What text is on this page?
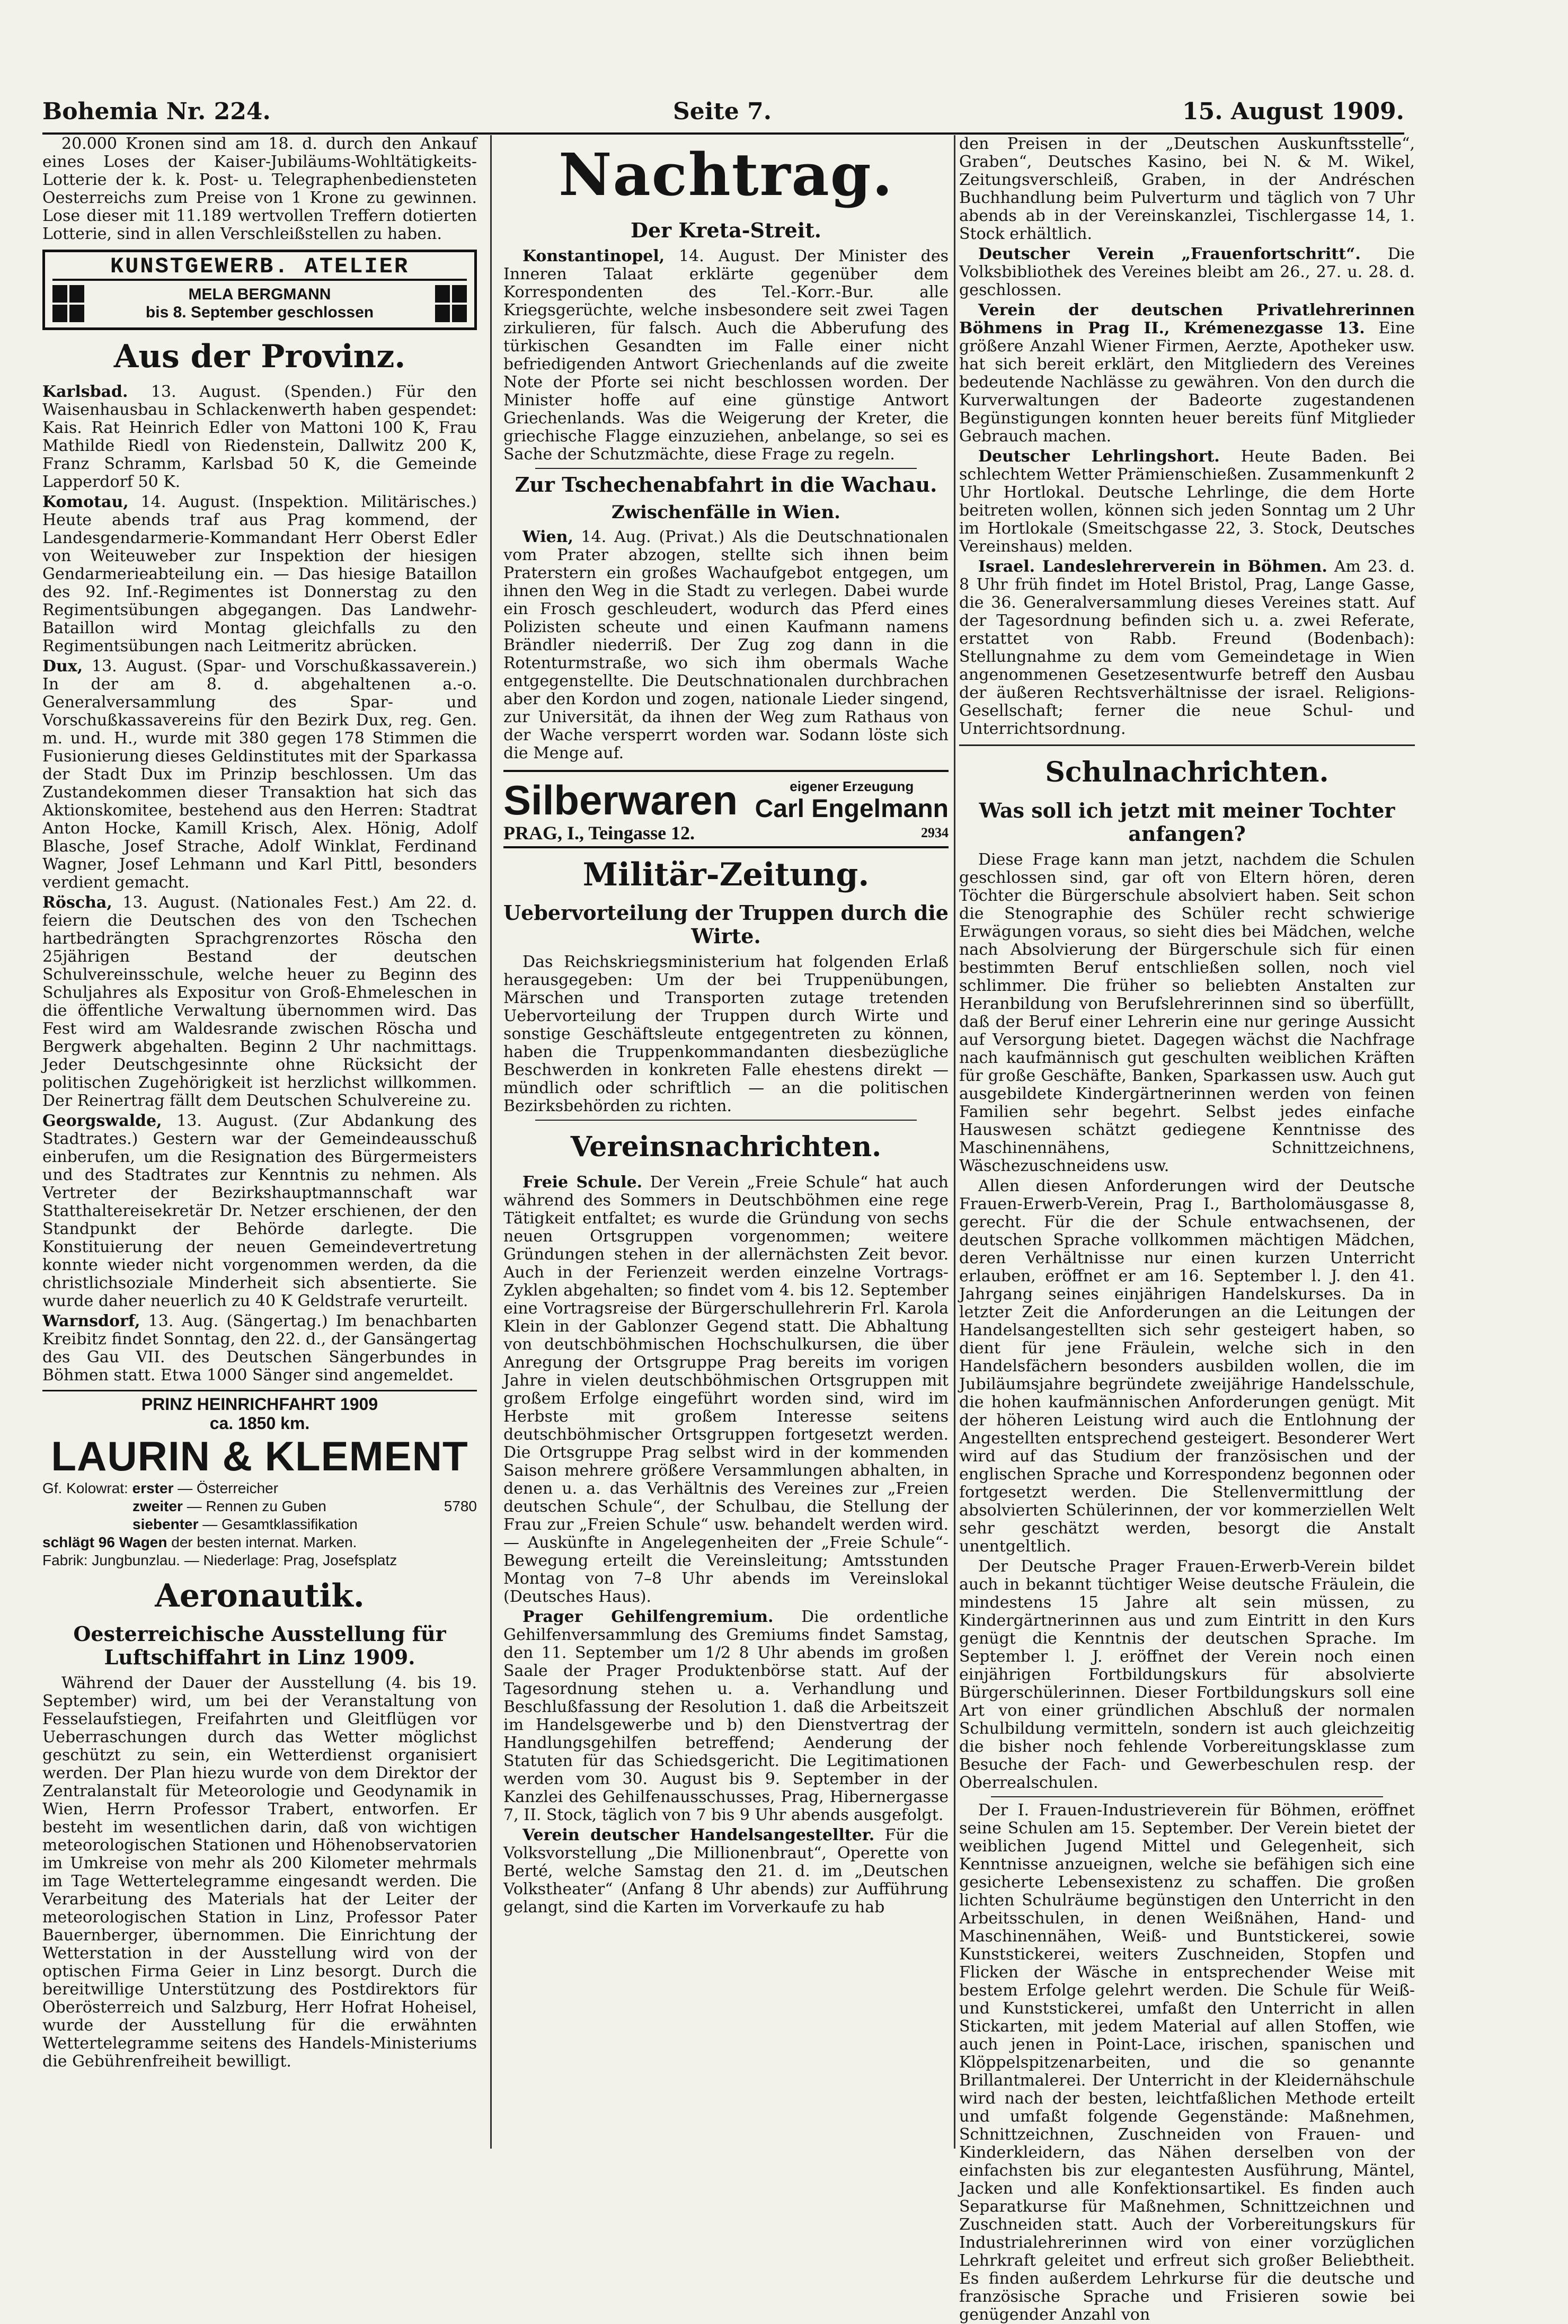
Bohemia Nr. 224.	Seite 7.	15. August 1909.

20.000 Kronen sind am 18. d. durch den Ankauf eines Loses der Kaiser-Jubiläums-Wohltätigkeits-Lotterie der k. k. Post- u. Telegraphenbediensteten Oesterreichs zum Preise von 1 Krone zu gewinnen. Lose dieser mit 11.189 wertvollen Treffern dotierten Lotterie, sind in allen Verschleißstellen zu haben.

KUNSTGEWERB. ATELIER
MELA BERGMANN
bis 8. September geschlossen
Aus der Provinz.

Karlsbad. 13. August. (Spenden.) Für den Waisenhausbau in Schlackenwerth haben gespendet: Kais. Rat Heinrich Edler von Mattoni 100 K, Frau Mathilde Riedl von Riedenstein, Dallwitz 200 K, Franz Schramm, Karlsbad 50 K, die Gemeinde Lapperdorf 50 K.

Komotau, 14. August. (Inspektion. Militärisches.) Heute abends traf aus Prag kommend, der Landesgendarmerie-Kommandant Herr Oberst Edler von Weiteuweber zur Inspektion der hiesigen Gendarmerieabteilung ein. — Das hiesige Bataillon des 92. Inf.-Regimentes ist Donnerstag zu den Regimentsübungen abgegangen. Das Landwehr-Bataillon wird Montag gleichfalls zu den Regimentsübungen nach Leitmeritz abrücken.

Dux, 13. August. (Spar- und Vorschußkassaverein.) In der am 8. d. abgehaltenen a.-o. Generalversammlung des Spar- und Vorschußkassavereins für den Bezirk Dux, reg. Gen. m. und. H., wurde mit 380 gegen 178 Stimmen die Fusionierung dieses Geldinstitutes mit der Sparkassa der Stadt Dux im Prinzip beschlossen. Um das Zustandekommen dieser Transaktion hat sich das Aktionskomitee, bestehend aus den Herren: Stadtrat Anton Hocke, Kamill Krisch, Alex. Hönig, Adolf Blasche, Josef Strache, Adolf Winklat, Ferdinand Wagner, Josef Lehmann und Karl Pittl, besonders verdient gemacht.

Röscha, 13. August. (Nationales Fest.) Am 22. d. feiern die Deutschen des von den Tschechen hartbedrängten Sprachgrenzortes Röscha den 25jährigen Bestand der deutschen Schulvereinsschule, welche heuer zu Beginn des Schuljahres als Expositur von Groß-Ehmeleschen in die öffentliche Verwaltung übernommen wird. Das Fest wird am Waldesrande zwischen Röscha und Bergwerk abgehalten. Beginn 2 Uhr nachmittags. Jeder Deutschgesinnte ohne Rücksicht der politischen Zugehörigkeit ist herzlichst willkommen. Der Reinertrag fällt dem Deutschen Schulvereine zu.

Georgswalde, 13. August. (Zur Abdankung des Stadtrates.) Gestern war der Gemeindeausschuß einberufen, um die Resignation des Bürgermeisters und des Stadtrates zur Kenntnis zu nehmen. Als Vertreter der Bezirkshauptmannschaft war Statthaltereisekretär Dr. Netzer erschienen, der den Standpunkt der Behörde darlegte. Die Konstituierung der neuen Gemeindevertretung konnte wieder nicht vorgenommen werden, da die christlichsoziale Minderheit sich absentierte. Sie wurde daher neuerlich zu 40 K Geldstrafe verurteilt.

Warnsdorf, 13. Aug. (Sängertag.) Im benachbarten Kreibitz findet Sonntag, den 22. d., der Gansängertag des Gau VII. des Deutschen Sängerbundes in Böhmen statt. Etwa 1000 Sänger sind angemeldet.

PRINZ HEINRICHFAHRT 1909
ca. 1850 km.
LAURIN & KLEMENT
Gf. Kolowrat: erster — Österreicher
zweiter — Rennen zu Guben	5780
siebenter — Gesamtklassifikation
schlägt 96 Wagen der besten internat. Marken.
Fabrik: Jungbunzlau. — Niederlage: Prag, Josefsplatz
Aeronautik.
Oesterreichische Ausstellung für Luftschiffahrt in Linz 1909.

Während der Dauer der Ausstellung (4. bis 19. September) wird, um bei der Veranstaltung von Fesselaufstiegen, Freifahrten und Gleitflügen vor Ueberraschungen durch das Wetter möglichst geschützt zu sein, ein Wetterdienst organisiert werden. Der Plan hiezu wurde von dem Direktor der Zentralanstalt für Meteorologie und Geodynamik in Wien, Herrn Professor Trabert, entworfen. Er besteht im wesentlichen darin, daß von wichtigen meteorologischen Stationen und Höhenobservatorien im Umkreise von mehr als 200 Kilometer mehrmals im Tage Wettertelegramme eingesandt werden. Die Verarbeitung des Materials hat der Leiter der meteorologischen Station in Linz, Professor Pater Bauernberger, übernommen. Die Einrichtung der Wetterstation in der Ausstellung wird von der optischen Firma Geier in Linz besorgt. Durch die bereitwillige Unterstützung des Postdirektors für Oberösterreich und Salzburg, Herr Hofrat Hoheisel, wurde der Ausstellung für die erwähnten Wettertelegramme seitens des Handels-Ministeriums die Gebührenfreiheit bewilligt.

Nachtrag.
Der Kreta-Streit.

Konstantinopel, 14. August. Der Minister des Inneren Talaat erklärte gegenüber dem Korrespondenten des Tel.-Korr.-Bur. alle Kriegsgerüchte, welche insbesondere seit zwei Tagen zirkulieren, für falsch. Auch die Abberufung des türkischen Gesandten im Falle einer nicht befriedigenden Antwort Griechenlands auf die zweite Note der Pforte sei nicht beschlossen worden. Der Minister hoffe auf eine günstige Antwort Griechenlands. Was die Weigerung der Kreter, die griechische Flagge einzuziehen, anbelange, so sei es Sache der Schutzmächte, diese Frage zu regeln.

Zur Tschechenabfahrt in die Wachau.
Zwischenfälle in Wien.

Wien, 14. Aug. (Privat.) Als die Deutschnationalen vom Prater abzogen, stellte sich ihnen beim Praterstern ein großes Wachaufgebot entgegen, um ihnen den Weg in die Stadt zu verlegen. Dabei wurde ein Frosch geschleudert, wodurch das Pferd eines Polizisten scheute und einen Kaufmann namens Brändler niederriß. Der Zug zog dann in die Rotenturmstraße, wo sich ihm obermals Wache entgegenstellte. Die Deutschnationalen durchbrachen aber den Kordon und zogen, nationale Lieder singend, zur Universität, da ihnen der Weg zum Rathaus von der Wache versperrt worden war. Sodann löste sich die Menge auf.

Silberwaren	eigener Erzeugung
Carl Engelmann
PRAG, I., Teingasse 12.	2934
Militär-Zeitung.
Uebervorteilung der Truppen durch die Wirte.

Das Reichskriegsministerium hat folgenden Erlaß herausgegeben: Um der bei Truppenübungen, Märschen und Transporten zutage tretenden Uebervorteilung der Truppen durch Wirte und sonstige Geschäftsleute entgegentreten zu können, haben die Truppenkommandanten diesbezügliche Beschwerden in konkreten Falle ehestens direkt — mündlich oder schriftlich — an die politischen Bezirksbehörden zu richten.

Vereinsnachrichten.

Freie Schule. Der Verein „Freie Schule“ hat auch während des Sommers in Deutschböhmen eine rege Tätigkeit entfaltet; es wurde die Gründung von sechs neuen Ortsgruppen vorgenommen; weitere Gründungen stehen in der allernächsten Zeit bevor. Auch in der Ferienzeit werden einzelne Vortrags-Zyklen abgehalten; so findet vom 4. bis 12. September eine Vortragsreise der Bürgerschullehrerin Frl. Karola Klein in der Gablonzer Gegend statt. Die Abhaltung von deutschböhmischen Hochschulkursen, die über Anregung der Ortsgruppe Prag bereits im vorigen Jahre in vielen deutschböhmischen Ortsgruppen mit großem Erfolge eingeführt worden sind, wird im Herbste mit großem Interesse seitens deutschböhmischer Ortsgruppen fortgesetzt werden. Die Ortsgruppe Prag selbst wird in der kommenden Saison mehrere größere Versammlungen abhalten, in denen u. a. das Verhältnis des Vereines zur „Freien deutschen Schule“, der Schulbau, die Stellung der Frau zur „Freien Schule“ usw. behandelt werden wird. — Auskünfte in Angelegenheiten der „Freie Schule“-Bewegung erteilt die Vereinsleitung; Amtsstunden Montag von 7–8 Uhr abends im Vereinslokal (Deutsches Haus).

Prager Gehilfengremium. Die ordentliche Gehilfenversammlung des Gremiums findet Samstag, den 11. September um 1/2 8 Uhr abends im großen Saale der Prager Produktenbörse statt. Auf der Tagesordnung stehen u. a. Verhandlung und Beschlußfassung der Resolution 1. daß die Arbeitszeit im Handelsgewerbe und b) den Dienstvertrag der Handlungsgehilfen betreffend; Aenderung der Statuten für das Schiedsgericht. Die Legitimationen werden vom 30. August bis 9. September in der Kanzlei des Gehilfenausschusses, Prag, Hibernergasse 7, II. Stock, täglich von 7 bis 9 Uhr abends ausgefolgt.

Verein deutscher Handelsangestellter. Für die Volksvorstellung „Die Millionenbraut“, Operette von Berté, welche Samstag den 21. d. im „Deutschen Volkstheater“ (Anfang 8 Uhr abends) zur Aufführung gelangt, sind die Karten im Vorverkaufe zu hab

den Preisen in der „Deutschen Auskunftsstelle“, Graben“, Deutsches Kasino, bei N. & M. Wikel, Zeitungsverschleiß, Graben, in der Andréschen Buchhandlung beim Pulverturm und täglich von 7 Uhr abends ab in der Vereinskanzlei, Tischlergasse 14, 1. Stock erhältlich.

Deutscher Verein „Frauenfortschritt“. Die Volksbibliothek des Vereines bleibt am 26., 27. u. 28. d. geschlossen.

Verein der deutschen Privatlehrerinnen Böhmens in Prag II., Krémenezgasse 13. Eine größere Anzahl Wiener Firmen, Aerzte, Apotheker usw. hat sich bereit erklärt, den Mitgliedern des Vereines bedeutende Nachlässe zu gewähren. Von den durch die Kurverwaltungen der Badeorte zugestandenen Begünstigungen konnten heuer bereits fünf Mitglieder Gebrauch machen.

Deutscher Lehrlingshort. Heute Baden. Bei schlechtem Wetter Prämienschießen. Zusammenkunft 2 Uhr Hortlokal. Deutsche Lehrlinge, die dem Horte beitreten wollen, können sich jeden Sonntag um 2 Uhr im Hortlokale (Smeitschgasse 22, 3. Stock, Deutsches Vereinshaus) melden.

Israel. Landeslehrerverein in Böhmen. Am 23. d. 8 Uhr früh findet im Hotel Bristol, Prag, Lange Gasse, die 36. Generalversammlung dieses Vereines statt. Auf der Tagesordnung befinden sich u. a. zwei Referate, erstattet von Rabb. Freund (Bodenbach): Stellungnahme zu dem vom Gemeindetage in Wien angenommenen Gesetzesentwurfe betreff den Ausbau der äußeren Rechtsverhältnisse der israel. Religions-Gesellschaft; ferner die neue Schul- und Unterrichtsordnung.

Schulnachrichten.
Was soll ich jetzt mit meiner Tochter anfangen?

Diese Frage kann man jetzt, nachdem die Schulen geschlossen sind, gar oft von Eltern hören, deren Töchter die Bürgerschule absolviert haben. Seit schon die Stenographie des Schüler recht schwierige Erwägungen voraus, so sieht dies bei Mädchen, welche nach Absolvierung der Bürgerschule sich für einen bestimmten Beruf entschließen sollen, noch viel schlimmer. Die früher so beliebten Anstalten zur Heranbildung von Berufslehrerinnen sind so überfüllt, daß der Beruf einer Lehrerin eine nur geringe Aussicht auf Versorgung bietet. Dagegen wächst die Nachfrage nach kaufmännisch gut geschulten weiblichen Kräften für große Geschäfte, Banken, Sparkassen usw. Auch gut ausgebildete Kindergärtnerinnen werden von feinen Familien sehr begehrt. Selbst jedes einfache Hauswesen schätzt gediegene Kenntnisse des Maschinennähens, Schnittzeichnens, Wäschezuschneidens usw.

Allen diesen Anforderungen wird der Deutsche Frauen-Erwerb-Verein, Prag I., Bartholomäusgasse 8, gerecht. Für die der Schule entwachsenen, der deutschen Sprache vollkommen mächtigen Mädchen, deren Verhältnisse nur einen kurzen Unterricht erlauben, eröffnet er am 16. September l. J. den 41. Jahrgang seines einjährigen Handelskurses. Da in letzter Zeit die Anforderungen an die Leitungen der Handelsangestellten sich sehr gesteigert haben, so dient für jene Fräulein, welche sich in den Handelsfächern besonders ausbilden wollen, die im Jubiläumsjahre begründete zweijährige Handelsschule, die hohen kaufmännischen Anforderungen genügt. Mit der höheren Leistung wird auch die Entlohnung der Angestellten entsprechend gesteigert. Besonderer Wert wird auf das Studium der französischen und der englischen Sprache und Korrespondenz begonnen oder fortgesetzt werden. Die Stellenvermittlung der absolvierten Schülerinnen, der vor kommerziellen Welt sehr geschätzt werden, besorgt die Anstalt unentgeltlich.

Der Deutsche Prager Frauen-Erwerb-Verein bildet auch in bekannt tüchtiger Weise deutsche Fräulein, die mindestens 15 Jahre alt sein müssen, zu Kindergärtnerinnen aus und zum Eintritt in den Kurs genügt die Kenntnis der deutschen Sprache. Im September l. J. eröffnet der Verein noch einen einjährigen Fortbildungskurs für absolvierte Bürgerschülerinnen. Dieser Fortbildungskurs soll eine Art von einer gründlichen Abschluß der normalen Schulbildung vermitteln, sondern ist auch gleichzeitig die bisher noch fehlende Vorbereitungsklasse zum Besuche der Fach- und Gewerbeschulen resp. der Oberrealschulen.

Der I. Frauen-Industrieverein für Böhmen, eröffnet seine Schulen am 15. September. Der Verein bietet der weiblichen Jugend Mittel und Gelegenheit, sich Kenntnisse anzueignen, welche sie befähigen sich eine gesicherte Lebensexistenz zu schaffen. Die großen lichten Schulräume begünstigen den Unterricht in den Arbeitsschulen, in denen Weißnähen, Hand- und Maschinennähen, Weiß- und Buntstickerei, sowie Kunststickerei, weiters Zuschneiden, Stopfen und Flicken der Wäsche in entsprechender Weise mit bestem Erfolge gelehrt werden. Die Schule für Weiß- und Kunststickerei, umfaßt den Unterricht in allen Stickarten, mit jedem Material auf allen Stoffen, wie auch jenen in Point-Lace, irischen, spanischen und Klöppelspitzenarbeiten, und die so genannte Brillantmalerei. Der Unterricht in der Kleidernähschule wird nach der besten, leichtfaßlichen Methode erteilt und umfaßt folgende Gegenstände: Maßnehmen, Schnittzeichnen, Zuschneiden von Frauen- und Kinderkleidern, das Nähen derselben von der einfachsten bis zur elegantesten Ausführung, Mäntel, Jacken und alle Konfektionsartikel. Es finden auch Separatkurse für Maßnehmen, Schnittzeichnen und Zuschneiden statt. Auch der Vorbereitungskurs für Industrialehrerinnen wird von einer vorzüglichen Lehrkraft geleitet und erfreut sich großer Beliebtheit. Es finden außerdem Lehrkurse für die deutsche und französische Sprache und Frisieren sowie bei genügender Anzahl von
